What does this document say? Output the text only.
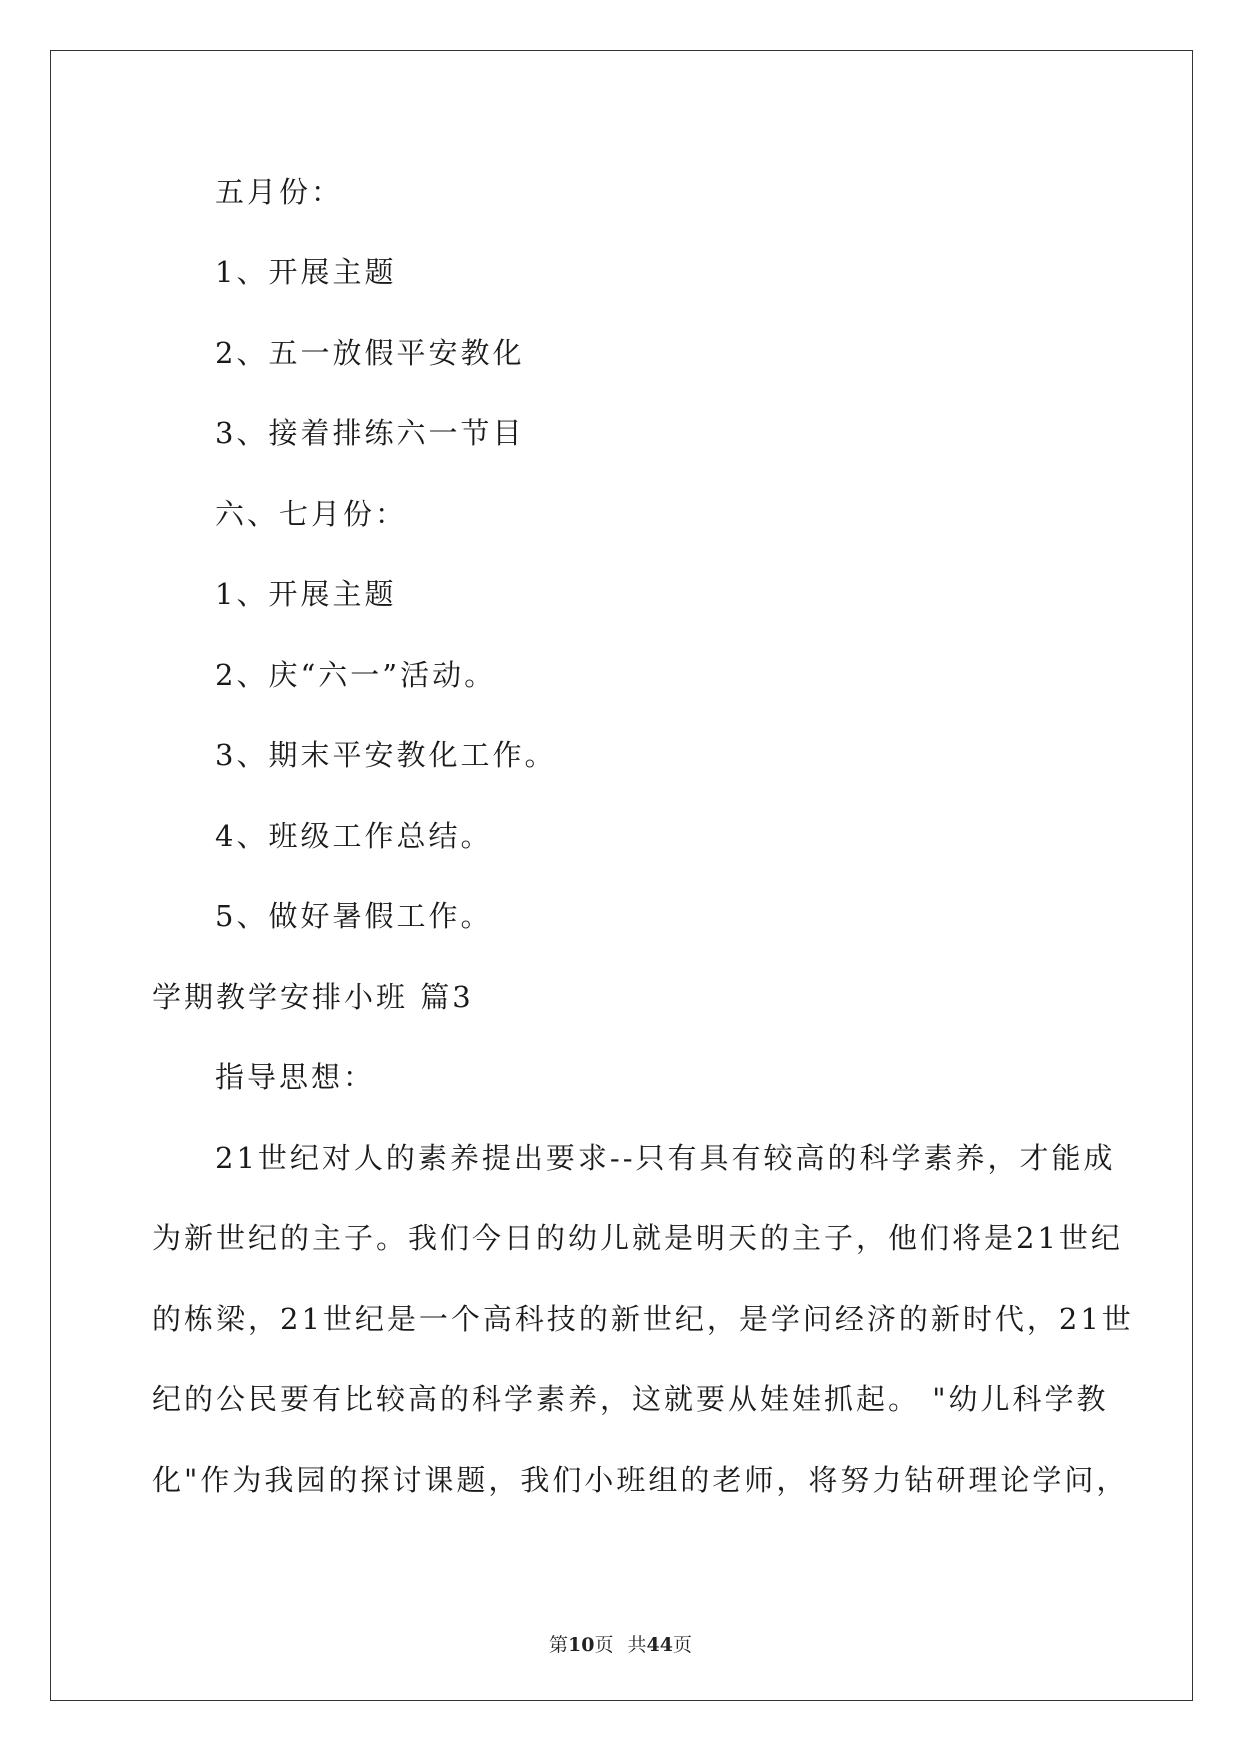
五月份：
1、开展主题
2、五一放假平安教化
3、接着排练六一节目
六、七月份：
1、开展主题
2、庆“六一”活动。
3、期末平安教化工作。
4、班级工作总结。
5、做好暑假工作。
学期教学安排小班 篇3
指导思想：
21世纪对人的素养提出要求--只有具有较高的科学素养，才能成
为新世纪的主子。我们今日的幼儿就是明天的主子，他们将是21世纪
的栋梁，21世纪是一个高科技的新世纪，是学问经济的新时代，21世
纪的公民要有比较高的科学素养，这就要从娃娃抓起。 "幼儿科学教
化"作为我园的探讨课题，我们小班组的老师，将努力钻研理论学问，
第10页 共44页
